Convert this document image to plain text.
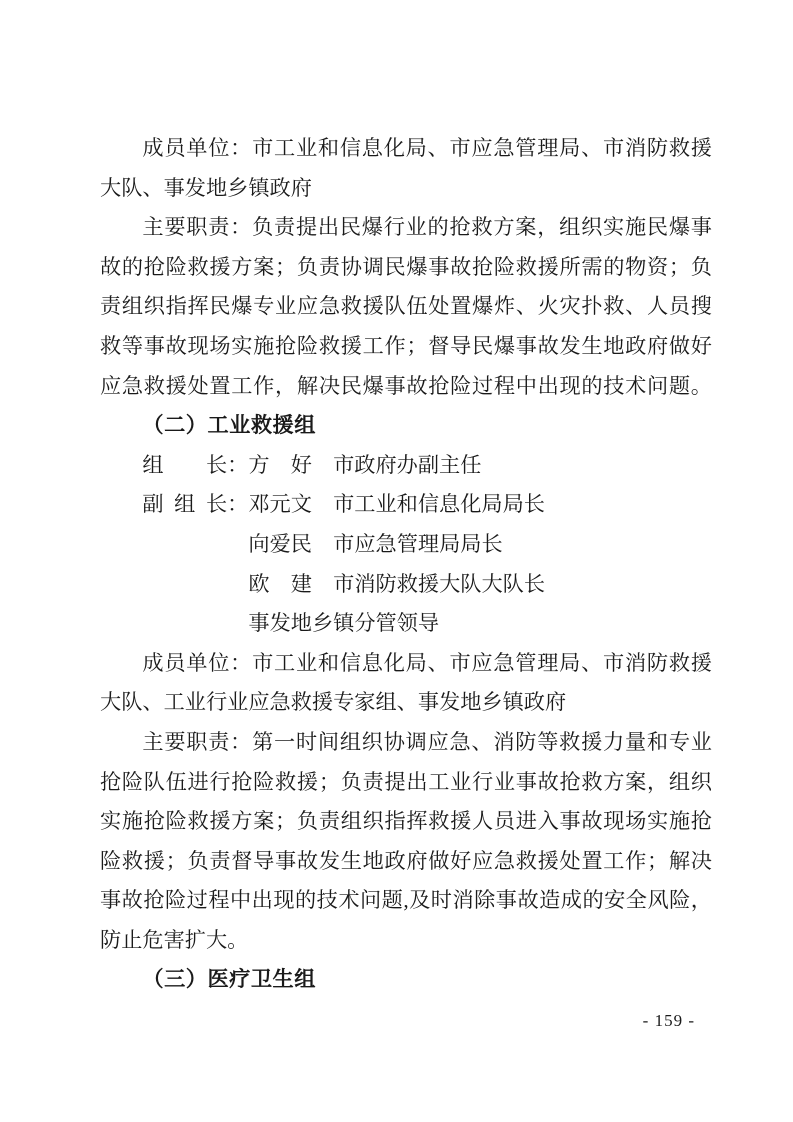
成员单位：市工业和信息化局、市应急管理局、市消防救援
大队、事发地乡镇政府
主要职责：负责提出民爆行业的抢救方案，组织实施民爆事
故的抢险救援方案；负责协调民爆事故抢险救援所需的物资；负
责组织指挥民爆专业应急救援队伍处置爆炸、火灾扑救、人员搜
救等事故现场实施抢险救援工作；督导民爆事故发生地政府做好
应急救援处置工作，解决民爆事故抢险过程中出现的技术问题。
（二）工业救援组
组　　长：方　好　市政府办副主任
副 组 长：邓元文　市工业和信息化局局长
向爱民　市应急管理局局长
欧　建　市消防救援大队大队长
事发地乡镇分管领导
成员单位：市工业和信息化局、市应急管理局、市消防救援
大队、工业行业应急救援专家组、事发地乡镇政府
主要职责：第一时间组织协调应急、消防等救援力量和专业
抢险队伍进行抢险救援；负责提出工业行业事故抢救方案，组织
实施抢险救援方案；负责组织指挥救援人员进入事故现场实施抢
险救援；负责督导事故发生地政府做好应急救援处置工作；解决
事故抢险过程中出现的技术问题,及时消除事故造成的安全风险，
防止危害扩大。
（三）医疗卫生组
- 159 -
